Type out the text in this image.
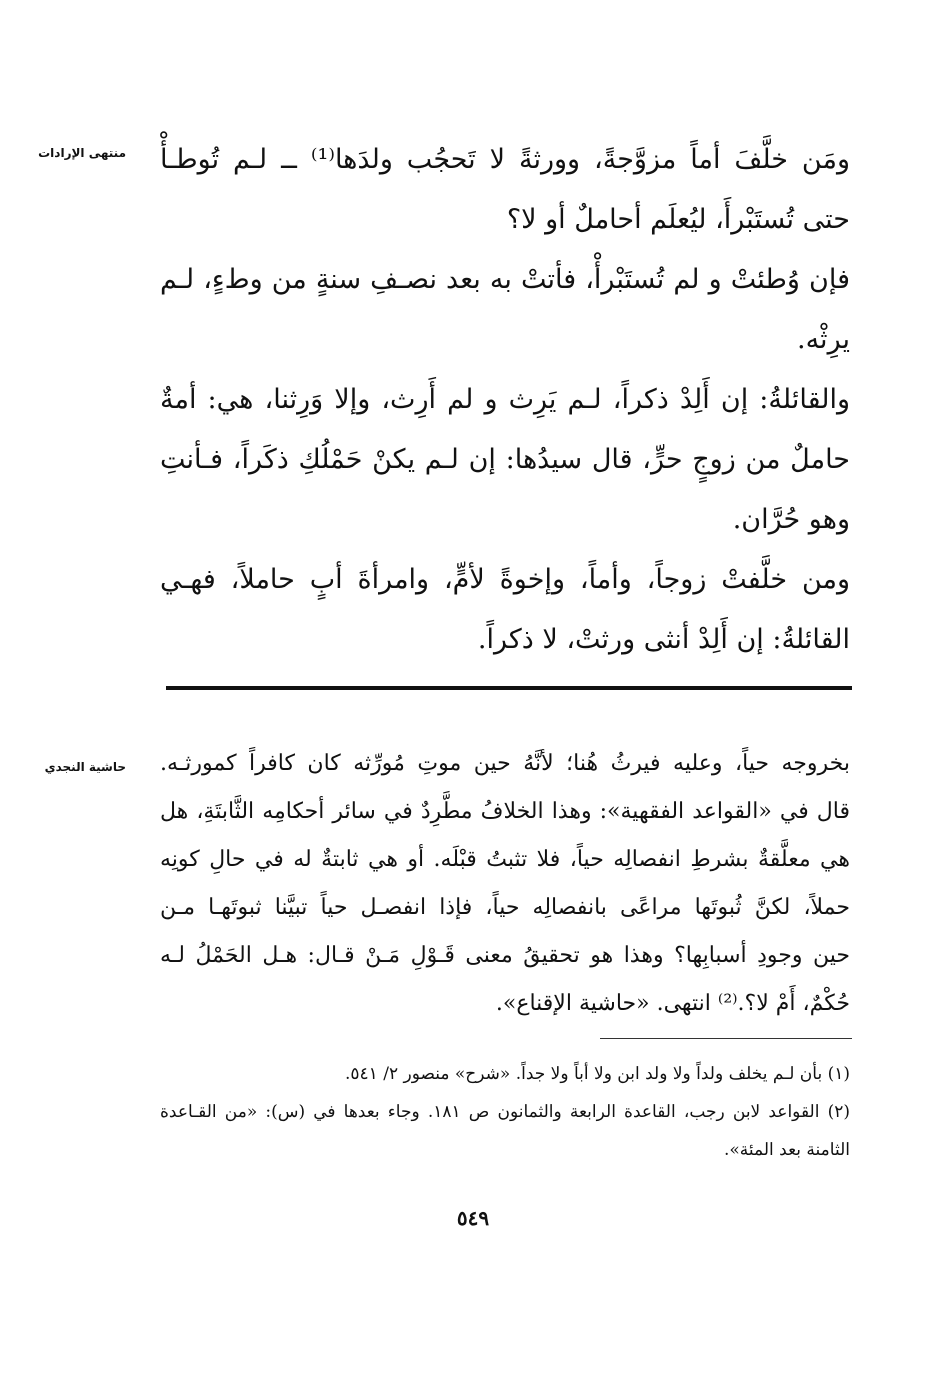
منتهى الإرادات ومَن خلَّفَ أماً مزوَّجةً، وورثةً لا تَحجُب ولدَها⁽¹⁾ ــ لـم تُوطـأْ
حتى تُستَبْرأَ، ليُعلَم أحاملٌ أو لا؟
فإن وُطئتْ و لم تُستَبْرأْ، فأتتْ به بعد نصـفِ سنةٍ من وطءٍ، لـم
يرِثْه.
والقائلةُ: إن أَلِدْ ذكراً، لـم يَرِث و لم أَرِث، وإلا وَرِثنا، هي: أمةٌ
حاملٌ من زوجٍ حرٍّ، قال سيدُها: إن لـم يكنْ حَمْلُكِ ذكَراً، فـأنتِ
وهو حُرَّان.
ومن خلَّفتْ زوجاً، وأماً، وإخوةً لأمٍّ، وامرأةَ أبٍ حاملاً، فهـي
القائلةُ: إن أَلِدْ أنثى ورثتْ، لا ذكراً.
حاشية النجدي بخروجه حياً، وعليه فيرثُ هُنا؛ لأنَّهُ حين موتِ مُورِّثه كان كافراً كمورثـه.
قال في «القواعد الفقهية»: وهذا الخلافُ مطَّرِدٌ في سائر أحكامِه الثَّابتَةِ، هل
هي معلَّقةٌ بشرطِ انفصالِه حياً، فلا تثبتُ قبْلَه. أو هي ثابتةٌ له في حالِ كونِه
حملاً، لكنَّ ثُبوتَها مراعًى بانفصالِه حياً، فإذا انفصـل حياً تبيَّنا ثبوتَهـا مـن
حين وجودِ أسبابِها؟ وهذا هو تحقيقُ معنى قَـوْلِ مَـنْ قـال: هـل الحَمْلُ لـه
حُكْمٌ، أَمْ لا؟.⁽²⁾ انتهى. «حاشية الإقناع».
(١) بأن لـم يخلف ولداً ولا ولد ابن ولا أباً ولا جداً. «شرح» منصور ٢/ ٥٤١.
(٢) القواعد لابن رجب، القاعدة الرابعة والثمانون ص ١٨١. وجاء بعدها في (س): «من القـاعدة
الثامنة بعد المئة».
٥٤٩
